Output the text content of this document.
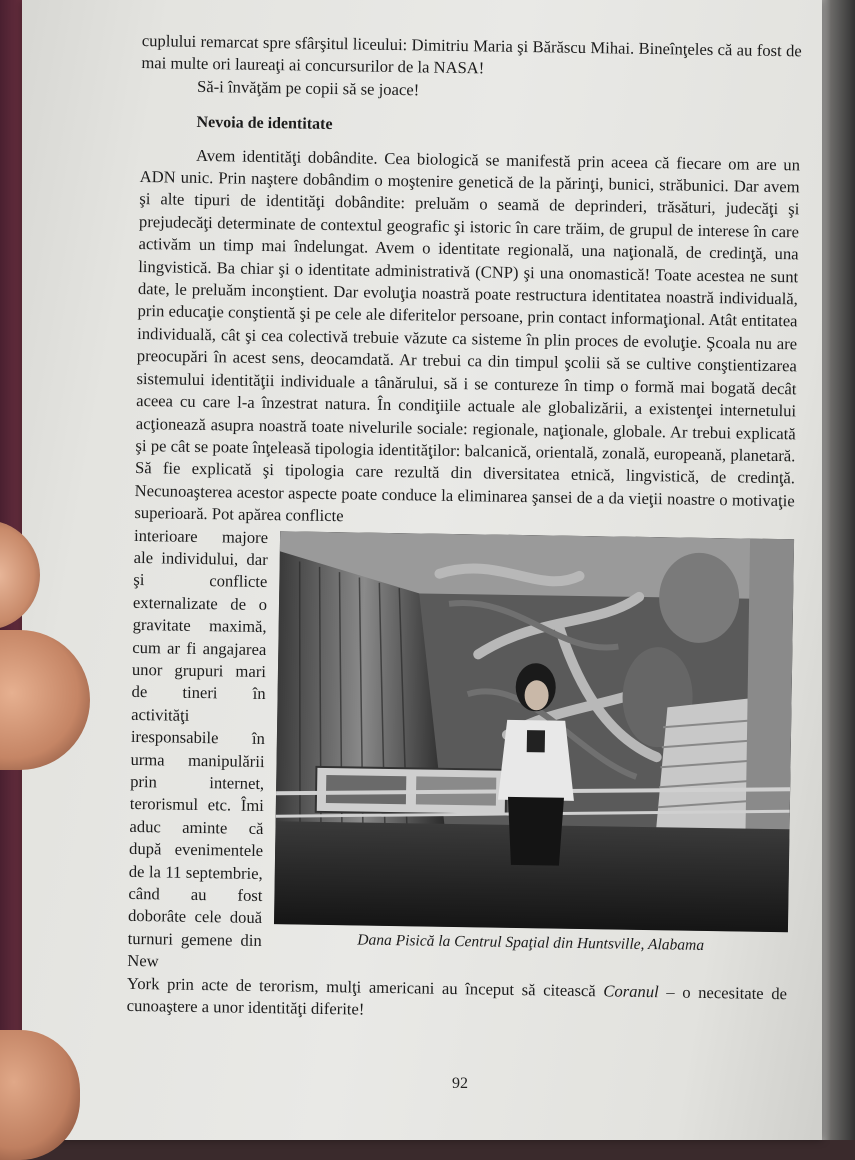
cuplului remarcat spre sfârşitul liceului: Dimitriu Maria şi Bărăscu Mihai. Bineînţeles că au fost de mai multe ori laureaţi ai concursurilor de la NASA!

Să-i învăţăm pe copii să se joace!

Nevoia de identitate

Avem identităţi dobândite. Cea biologică se manifestă prin aceea că fiecare om are un ADN unic. Prin naştere dobândim o moştenire genetică de la părinţi, bunici, străbunici. Dar avem şi alte tipuri de identităţi dobândite: preluăm o seamă de deprinderi, trăsături, judecăţi şi prejudecăţi determinate de contextul geografic şi istoric în care trăim, de grupul de interese în care activăm un timp mai îndelungat. Avem o identitate regională, una naţională, de credinţă, una lingvistică. Ba chiar şi o identitate administrativă (CNP) şi una onomastică! Toate acestea ne sunt date, le preluăm inconştient. Dar evoluţia noastră poate restructura identitatea noastră individuală, prin educaţie conştientă şi pe cele ale diferitelor persoane, prin contact informaţional. Atât entitatea individuală, cât şi cea colectivă trebuie văzute ca sisteme în plin proces de evoluţie. Şcoala nu are preocupări în acest sens, deocamdată. Ar trebui ca din timpul şcolii să se cultive conştientizarea sistemului identităţii individuale a tânărului, să i se contureze în timp o formă mai bogată decât aceea cu care l-a înzestrat natura. În condiţiile actuale ale globalizării, a existenţei internetului acţionează asupra noastră toate nivelurile sociale: regionale, naţionale, globale. Ar trebui explicată şi pe cât se poate înţeleasă tipologia identităţilor: balcanică, orientală, zonală, europeană, planetară. Să fie explicată şi tipologia care rezultă din diversitatea etnică, lingvistică, de credinţă. Necunoaşterea acestor aspecte poate conduce la eliminarea şansei de a da vieţii noastre o motivaţie superioară. Pot apărea conflicte

Dana Pisică la Centrul Spaţial din Huntsville, Alabama

interioare majore ale individului, dar şi conflicte externalizate de o gravitate maximă, cum ar fi angajarea unor grupuri mari de tineri în activităţi iresponsabile în urma manipulării prin internet, terorismul etc. Îmi aduc aminte că după evenimentele de la 11 septembrie, când au fost doborâte cele două turnuri gemene din New

York prin acte de terorism, mulţi americani au început să citească Coranul – o necesitate de cunoaştere a unor identităţi diferite!

92
